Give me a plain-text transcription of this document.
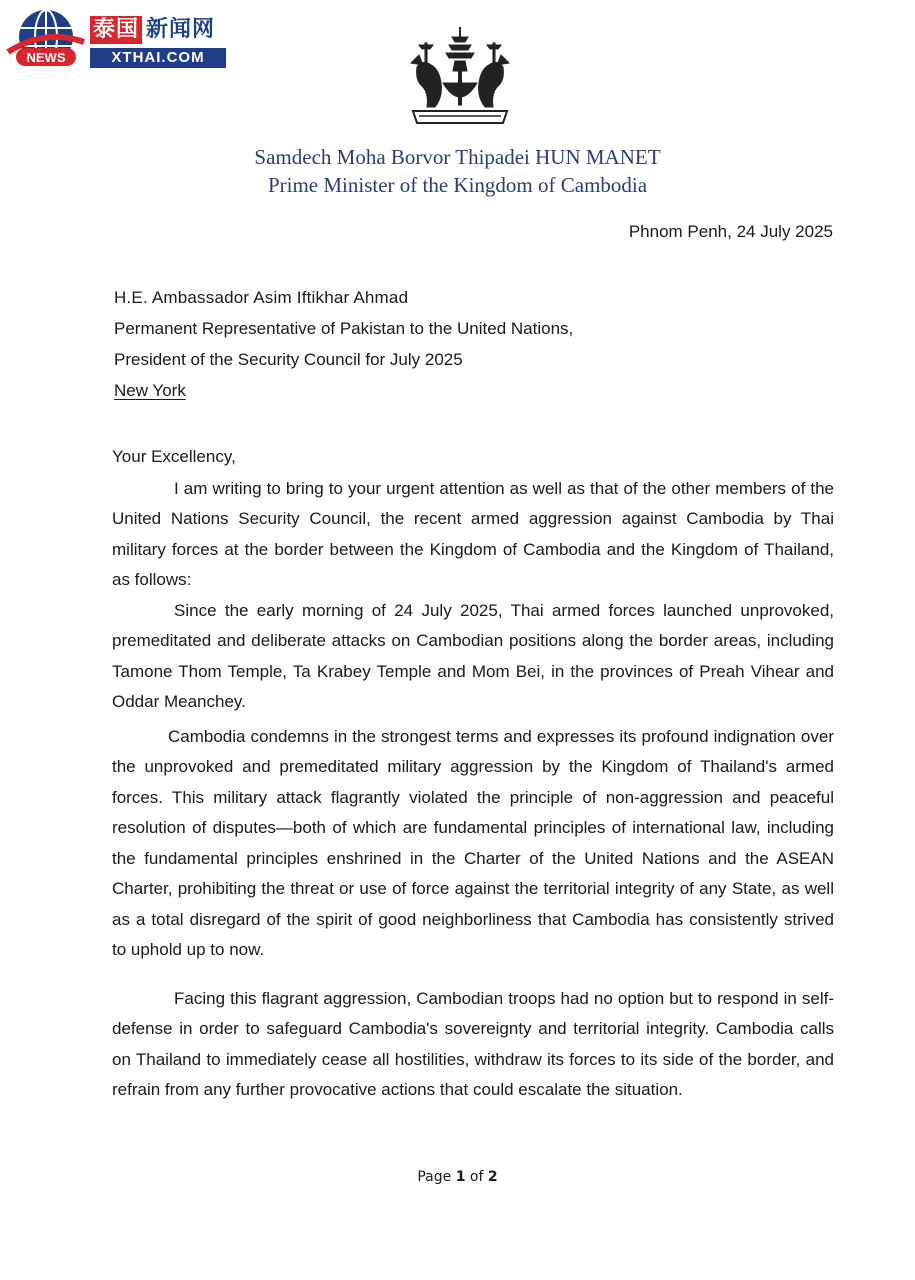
NEWS
泰国 新闻网
XTHAI.COM
Samdech Moha Borvor Thipadei HUN MANET
Prime Minister of the Kingdom of Cambodia
Phnom Penh, 24 July 2025
H.E. Ambassador Asim Iftikhar Ahmad
Permanent Representative of Pakistan to the United Nations,
President of the Security Council for July 2025
New York

Your Excellency,

I am writing to bring to your urgent attention as well as that of the other members of the United Nations Security Council, the recent armed aggression against Cambodia by Thai military forces at the border between the Kingdom of Cambodia and the Kingdom of Thailand, as follows:

Since the early morning of 24 July 2025, Thai armed forces launched unprovoked, premeditated and deliberate attacks on Cambodian positions along the border areas, including Tamone Thom Temple, Ta Krabey Temple and Mom Bei, in the provinces of Preah Vihear and Oddar Meanchey.

Cambodia condemns in the strongest terms and expresses its profound indignation over the unprovoked and premeditated military aggression by the Kingdom of Thailand's armed forces. This military attack flagrantly violated the principle of non-aggression and peaceful resolution of disputes—both of which are fundamental principles of international law, including the fundamental principles enshrined in the Charter of the United Nations and the ASEAN Charter, prohibiting the threat or use of force against the territorial integrity of any State, as well as a total disregard of the spirit of good neighborliness that Cambodia has consistently strived to uphold up to now.

Facing this flagrant aggression, Cambodian troops had no option but to respond in self-defense in order to safeguard Cambodia's sovereignty and territorial integrity. Cambodia calls on Thailand to immediately cease all hostilities, withdraw its forces to its side of the border, and refrain from any further provocative actions that could escalate the situation.

Page 1 of 2
